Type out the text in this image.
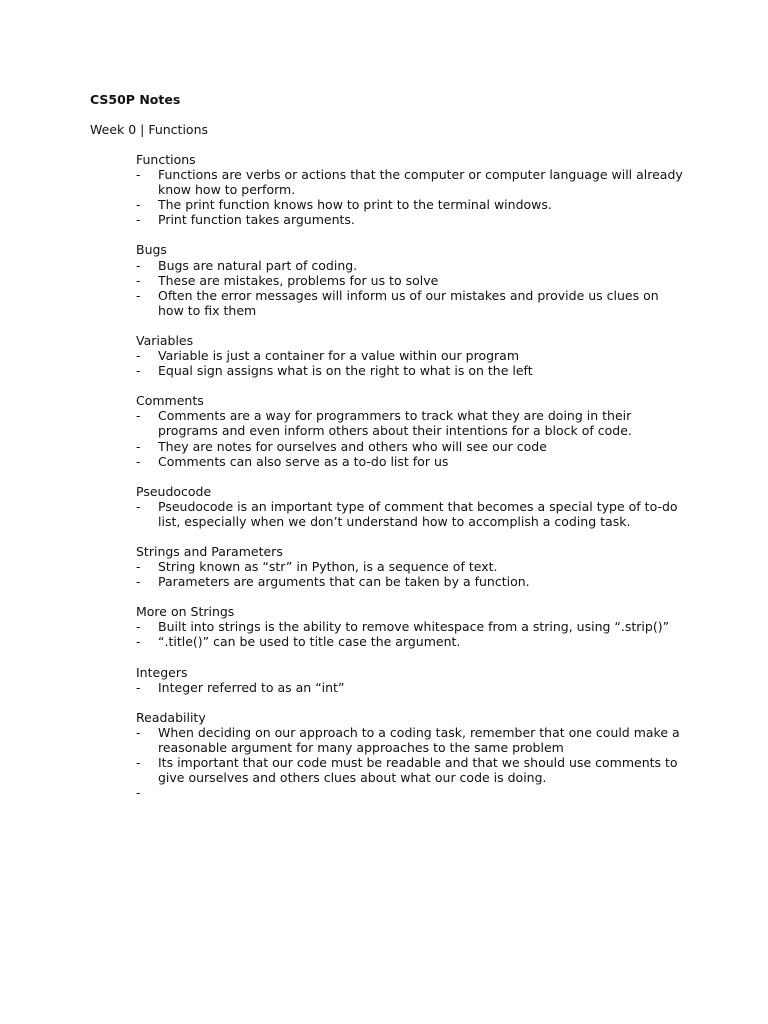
CS50P Notes
Week 0 | Functions
Functions
- Functions are verbs or actions that the computer or computer language will already know how to perform.
- The print function knows how to print to the terminal windows.
- Print function takes arguments.
Bugs
- Bugs are natural part of coding.
- These are mistakes, problems for us to solve
- Often the error messages will inform us of our mistakes and provide us clues on how to fix them
Variables
- Variable is just a container for a value within our program
- Equal sign assigns what is on the right to what is on the left
Comments
- Comments are a way for programmers to track what they are doing in their programs and even inform others about their intentions for a block of code.
- They are notes for ourselves and others who will see our code
- Comments can also serve as a to-do list for us
Pseudocode
- Pseudocode is an important type of comment that becomes a special type of to-do list, especially when we don’t understand how to accomplish a coding task.
Strings and Parameters
- String known as “str” in Python, is a sequence of text.
- Parameters are arguments that can be taken by a function.
More on Strings
- Built into strings is the ability to remove whitespace from a string, using “.strip()”
- “.title()” can be used to title case the argument.
Integers
- Integer referred to as an “int”
Readability
- When deciding on our approach to a coding task, remember that one could make a reasonable argument for many approaches to the same problem
- Its important that our code must be readable and that we should use comments to give ourselves and others clues about what our code is doing.
-
